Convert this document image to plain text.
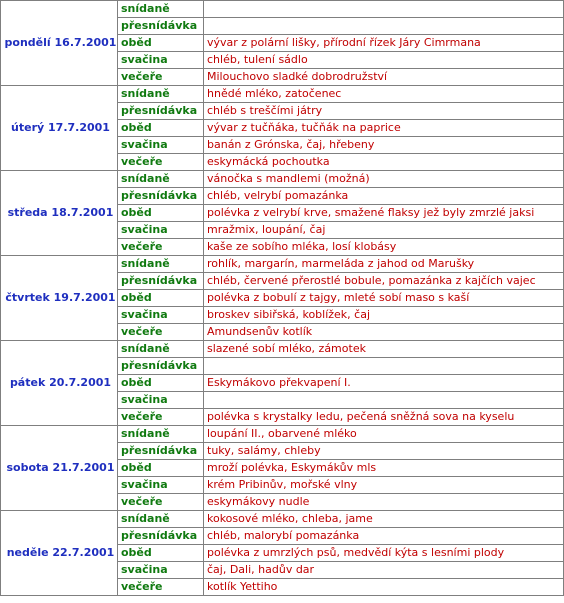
pondělí 16.7.2001	snídaně	
	přesnídávka	
	oběd	vývar z polární lišky, přírodní řízek Járy Cimrmana
	svačina	chléb, tulení sádlo
	večeře	Milouchovo sladké dobrodružství
úterý 17.7.2001	snídaně	hnědé mléko, zatočenec
	přesnídávka	chléb s treščími játry
	oběd	vývar z tučňáka, tučňák na paprice
	svačina	banán z Grónska, čaj, hřebeny
	večeře	eskymácká pochoutka
středa 18.7.2001	snídaně	vánočka s mandlemi (možná)
	přesnídávka	chléb, velrybí pomazánka
	oběd	polévka z velrybí krve, smažené flaksy jež byly zmrzlé jaksi
	svačina	mražmix, loupání, čaj
	večeře	kaše ze sobího mléka, losí klobásy
čtvrtek 19.7.2001	snídaně	rohlík, margarín, marmeláda z jahod od Marušky
	přesnídávka	chléb, červené přerostlé bobule, pomazánka z kajčích vajec
	oběd	polévka z bobulí z tajgy, mleté sobí maso s kaší
	svačina	broskev sibiřská, koblížek, čaj
	večeře	Amundsenův kotlík
pátek 20.7.2001	snídaně	slazené sobí mléko, zámotek
	přesnídávka	
	oběd	Eskymákovo překvapení I.
	svačina	
	večeře	polévka s krystalky ledu, pečená sněžná sova na kyselu
sobota 21.7.2001	snídaně	loupání II., obarvené mléko
	přesnídávka	tuky, salámy, chleby
	oběd	mroží polévka, Eskymákův mls
	svačina	krém Pribinův, mořské vlny
	večeře	eskymákovy nudle
neděle 22.7.2001	snídaně	kokosové mléko, chleba, jame
	přesnídávka	chléb, malorybí pomazánka
	oběd	polévka z umrzlých psů, medvědí kýta s lesními plody
	svačina	čaj, Dali, hadův dar
	večeře	kotlík Yettiho
